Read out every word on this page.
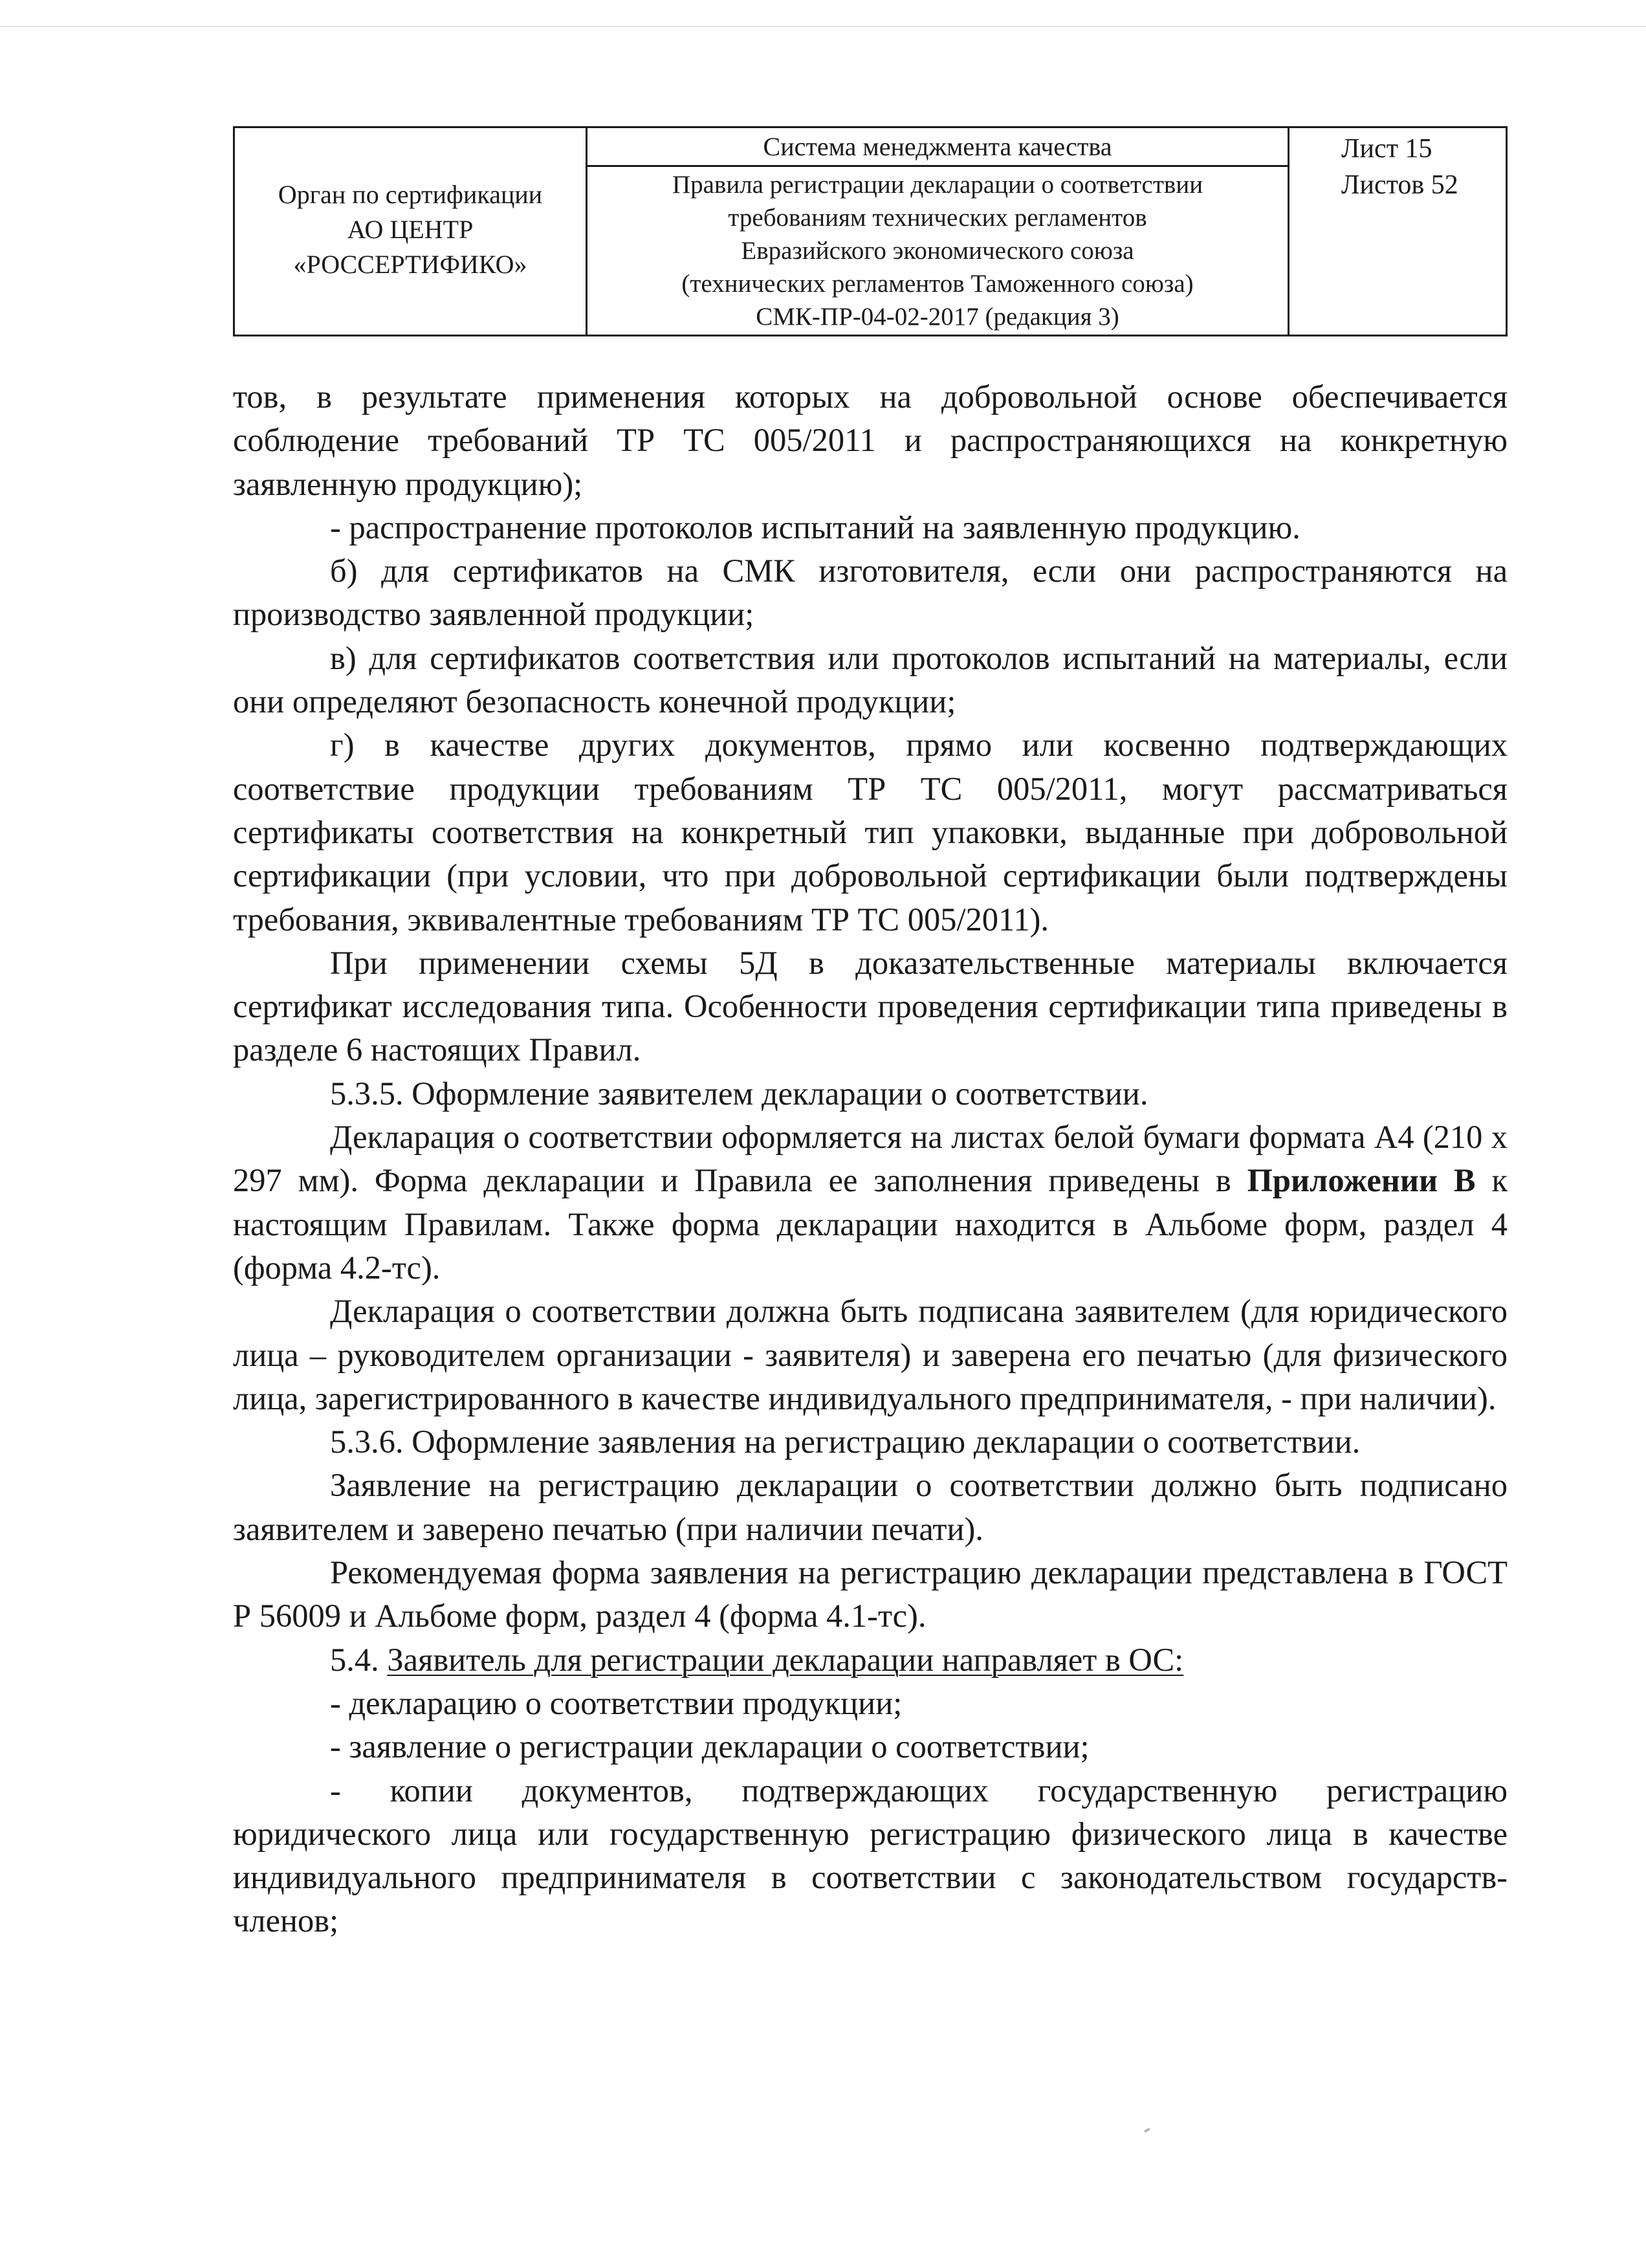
Орган по сертификации
АО ЦЕНТР
«РОССЕРТИФИКО»
Система менеджмента качества
Правила регистрации декларации о соответствии
требованиям технических регламентов
Евразийского экономического союза
(технических регламентов Таможенного союза)
СМК-ПР-04-02-2017 (редакция 3)
Лист 15
Листов 52

тов, в результате применения которых на добровольной основе обеспечивается соблюдение требований ТР ТС 005/2011 и распространяющихся на конкретную заявленную продукцию);

- распространение протоколов испытаний на заявленную продукцию.

б) для сертификатов на СМК изготовителя, если они распространяются на производство заявленной продукции;

в) для сертификатов соответствия или протоколов испытаний на материалы, если они определяют безопасность конечной продукции;

г) в качестве других документов, прямо или косвенно подтверждающих соответствие продукции требованиям ТР ТС 005/2011, могут рассматриваться сертификаты соответствия на конкретный тип упаковки, выданные при добровольной сертификации (при условии, что при добровольной сертификации были подтверждены требования, эквивалентные требованиям ТР ТС 005/2011).

При применении схемы 5Д в доказательственные материалы включается сертификат исследования типа. Особенности проведения сертификации типа приведены в разделе 6 настоящих Правил.

5.3.5. Оформление заявителем декларации о соответствии.

Декларация о соответствии оформляется на листах белой бумаги формата А4 (210 х 297 мм). Форма декларации и Правила ее заполнения приведены в Приложении В к настоящим Правилам. Также форма декларации находится в Альбоме форм, раздел 4 (форма 4.2-тс).

Декларация о соответствии должна быть подписана заявителем (для юридического лица – руководителем организации - заявителя) и заверена его печатью (для физического лица, зарегистрированного в качестве индивидуального предпринимателя, - при наличии).

5.3.6. Оформление заявления на регистрацию декларации о соответствии.

Заявление на регистрацию декларации о соответствии должно быть подписано заявителем и заверено печатью (при наличии печати).

Рекомендуемая форма заявления на регистрацию декларации представлена в ГОСТ Р 56009 и Альбоме форм, раздел 4 (форма 4.1-тс).

5.4. Заявитель для регистрации декларации направляет в ОС:

- декларацию о соответствии продукции;

- заявление о регистрации декларации о соответствии;

- копии документов, подтверждающих государственную регистрацию юридического лица или государственную регистрацию физического лица в качестве индивидуального предпринимателя в соответствии с законодательством государств-членов;
